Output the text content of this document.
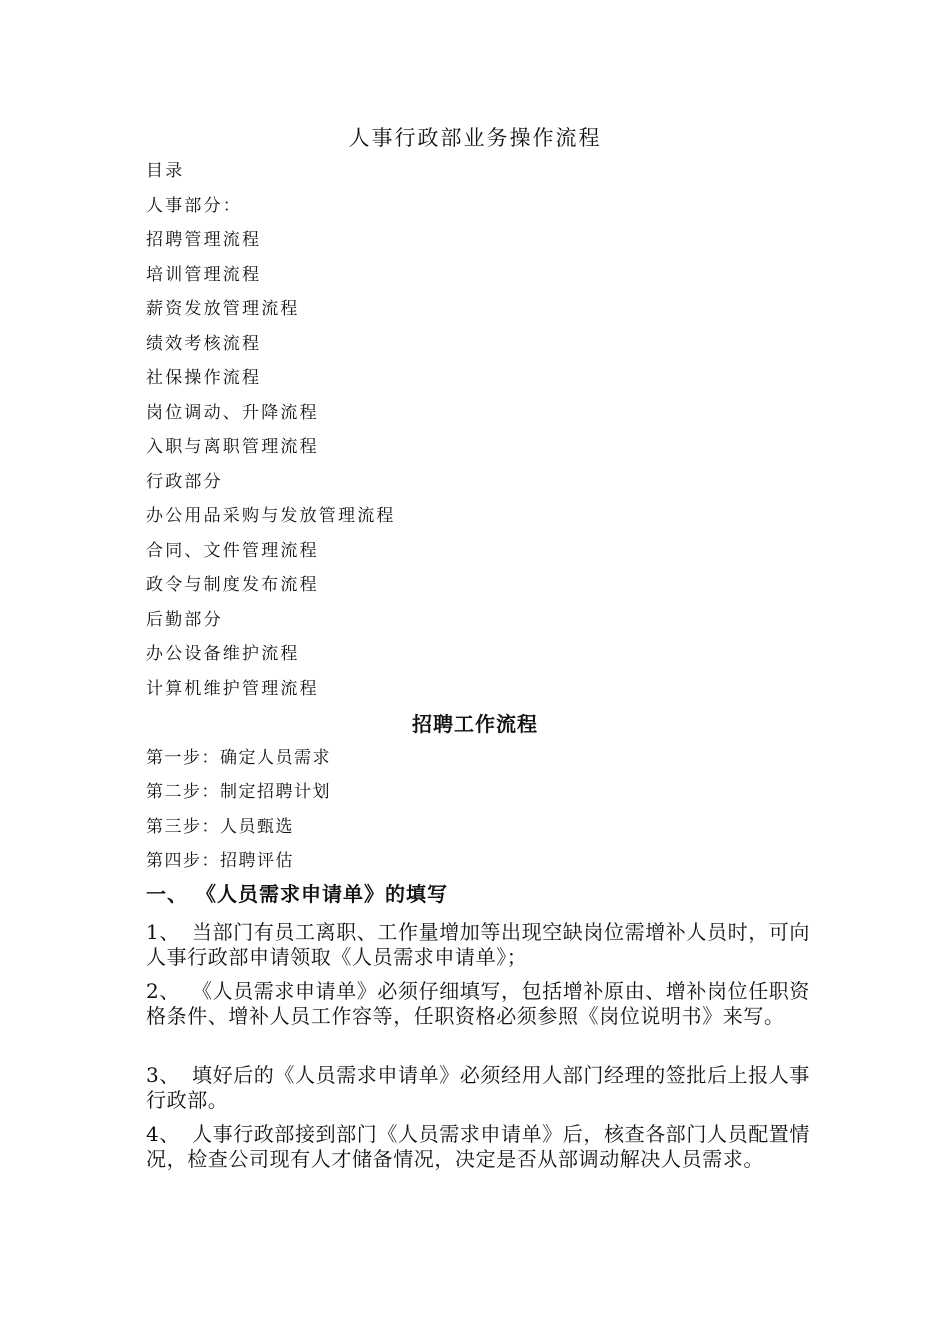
人事行政部业务操作流程

目录

人事部分：

招聘管理流程

培训管理流程

薪资发放管理流程

绩效考核流程

社保操作流程

岗位调动、升降流程

入职与离职管理流程

行政部分

办公用品采购与发放管理流程

合同、文件管理流程

政令与制度发布流程

后勤部分

办公设备维护流程

计算机维护管理流程

招聘工作流程

第一步：确定人员需求

第二步：制定招聘计划

第三步：人员甄选

第四步：招聘评估

一、 《人员需求申请单》的填写

1、 当部门有员工离职、工作量增加等出现空缺岗位需增补人员时，可向人事行政部申请领取《人员需求申请单》；

2、 《人员需求申请单》必须仔细填写，包括增补原由、增补岗位任职资格条件、增补人员工作容等，任职资格必须参照《岗位说明书》来写。

3、 填好后的《人员需求申请单》必须经用人部门经理的签批后上报人事行政部。

4、 人事行政部接到部门《人员需求申请单》后，核查各部门人员配置情况，检查公司现有人才储备情况，决定是否从部调动解决人员需求。
